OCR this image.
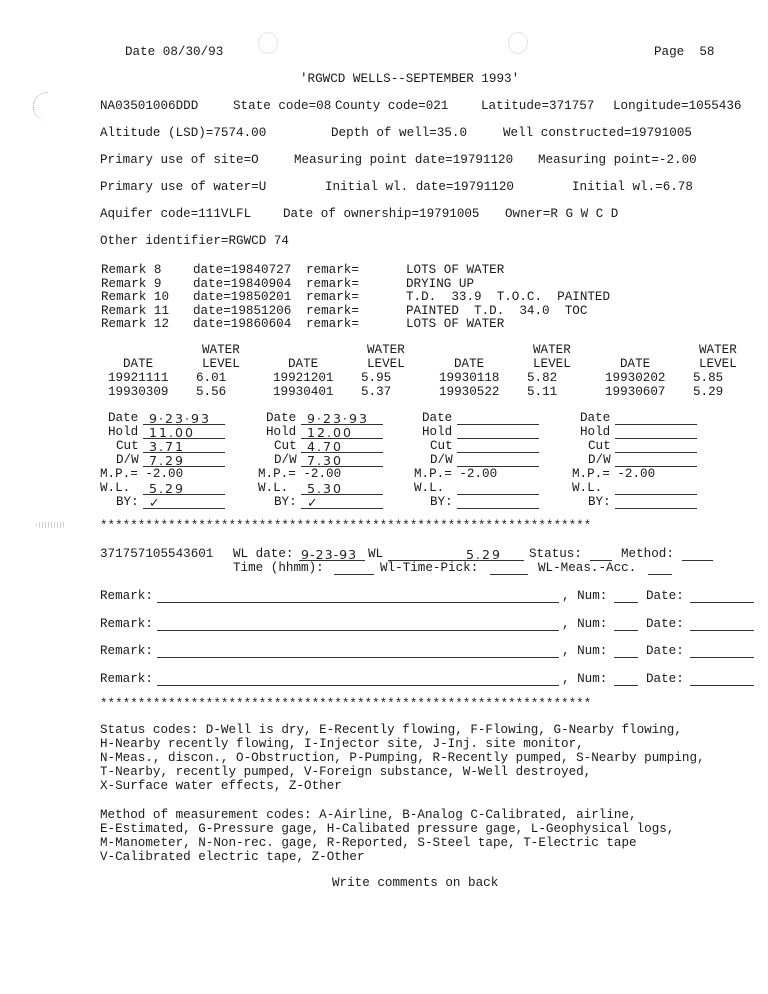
Date 08/30/93	Page  58
'RGWCD WELLS--SEPTEMBER 1993'
NA03501006DDD	State code=08 County code=021	Latitude=371757 Longitude=1055436
Altitude (LSD)=7574.00	Depth of well=35.0	Well constructed=19791005
Primary use of site=O	Measuring point date=19791120 Measuring point=-2.00
Primary use of water=U	Initial wl. date=19791120	Initial wl.=6.78
Aquifer code=111VLFL	Date of ownership=19791005 Owner=R G W C D
Other identifier=RGWCD 74
Remark 8	date=19840727 remark=	LOTS OF WATER
Remark 9	date=19840904 remark=	DRYING UP
Remark 10 date=19850201 remark=	T.D.  33.9  T.O.C.  PAINTED
Remark 11 date=19851206 remark=	PAINTED  T.D.  34.0  TOC
Remark 12 date=19860604 remark=	LOTS OF WATER
WATER
DATE	LEVEL
19921111 6.01
19930309 5.56
WATER
DATE	LEVEL
19921201 5.95
19930401 5.37
WATER
DATE	LEVEL
19930118 5.82
19930522 5.11
WATER
DATE	LEVEL
19930202 5.85
19930607 5.29
Date 9·23·93
Hold 11.00
Cut 3.71
D/W 7.29
M.P.= -2.00
W.L. 5.29
BY: ✓
Date 9·23·93
Hold 12.00
Cut 4.70
D/W 7.30
M.P.= -2.00
W.L. 5.30
BY: ✓
Date
Hold
Cut
D/W
M.P.= -2.00
W.L.
BY:
Date
Hold
Cut
D/W
M.P.= -2.00
W.L.
BY:
*****************************************************************
371757105543601 WL date: 9-23-93 WL	5.29 Status:	Method:
Time (hhmm):	Wl-Time-Pick:	WL-Meas.-Acc.
Remark:	, Num:	Date:
Remark:	, Num:	Date:
Remark:	, Num:	Date:
Remark:	, Num:	Date:
*****************************************************************
Status codes: D-Well is dry, E-Recently flowing, F-Flowing, G-Nearby flowing,
H-Nearby recently flowing, I-Injector site, J-Inj. site monitor,
N-Meas., discon., O-Obstruction, P-Pumping, R-Recently pumped, S-Nearby pumping,
T-Nearby, recently pumped, V-Foreign substance, W-Well destroyed,
X-Surface water effects, Z-Other
Method of measurement codes: A-Airline, B-Analog C-Calibrated, airline,
E-Estimated, G-Pressure gage, H-Calibated pressure gage, L-Geophysical logs,
M-Manometer, N-Non-rec. gage, R-Reported, S-Steel tape, T-Electric tape
V-Calibrated electric tape, Z-Other
Write comments on back
